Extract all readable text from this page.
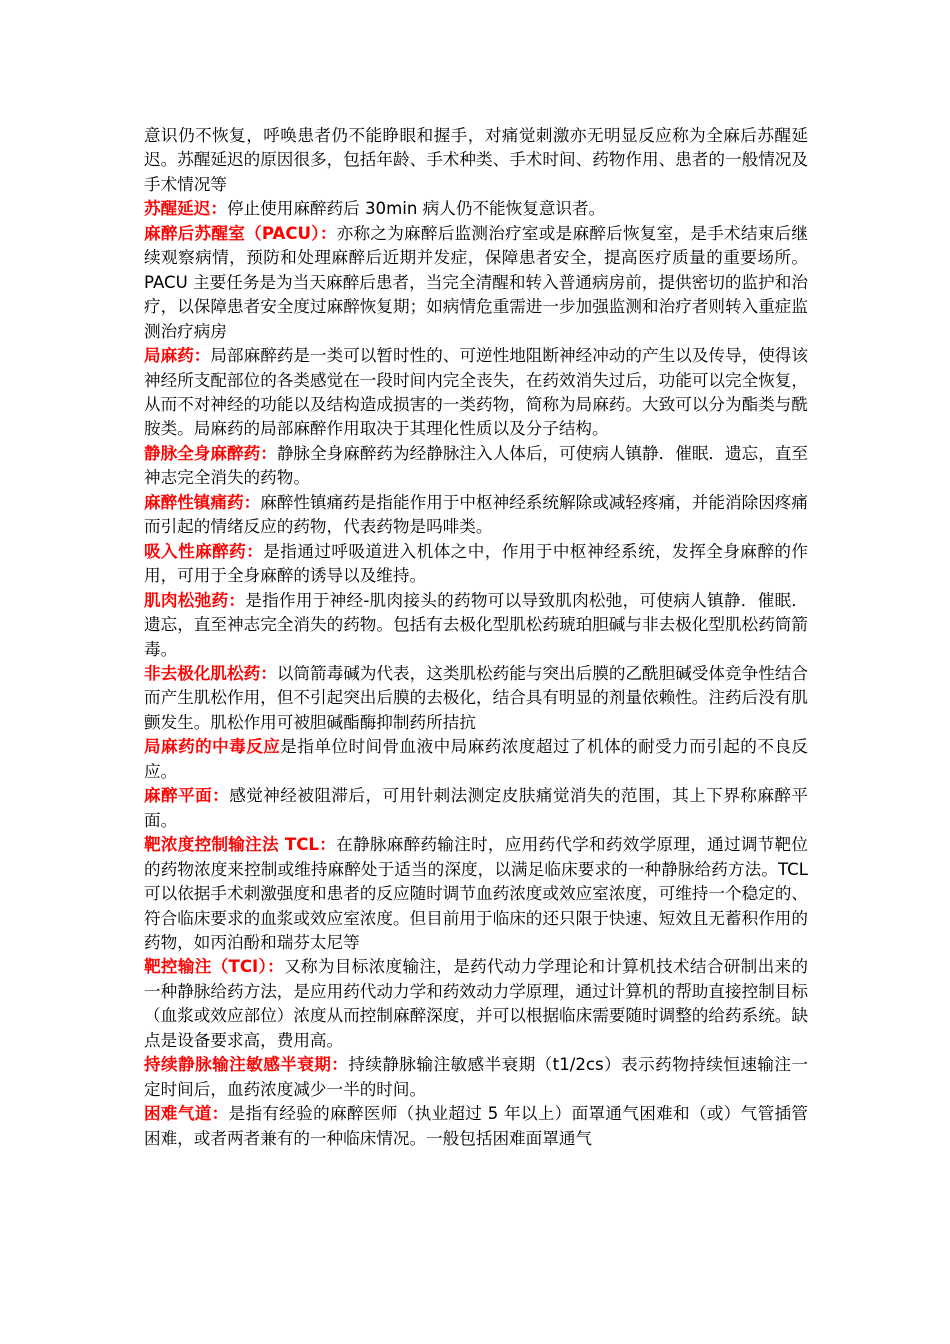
意识仍不恢复，呼唤患者仍不能睁眼和握手，对痛觉刺激亦无明显反应称为全麻后苏醒延迟。苏醒延迟的原因很多，包括年龄、手术种类、手术时间、药物作用、患者的一般情况及手术情况等

苏醒延迟：停止使用麻醉药后 30min 病人仍不能恢复意识者。

麻醉后苏醒室（PACU）：亦称之为麻醉后监测治疗室或是麻醉后恢复室，是手术结束后继续观察病情，预防和处理麻醉后近期并发症，保障患者安全，提高医疗质量的重要场所。PACU 主要任务是为当天麻醉后患者，当完全清醒和转入普通病房前，提供密切的监护和治疗，以保障患者安全度过麻醉恢复期；如病情危重需进一步加强监测和治疗者则转入重症监测治疗病房

局麻药：局部麻醉药是一类可以暂时性的、可逆性地阻断神经冲动的产生以及传导，使得该神经所支配部位的各类感觉在一段时间内完全丧失，在药效消失过后，功能可以完全恢复，从而不对神经的功能以及结构造成损害的一类药物，简称为局麻药。大致可以分为酯类与酰胺类。局麻药的局部麻醉作用取决于其理化性质以及分子结构。

静脉全身麻醉药：静脉全身麻醉药为经静脉注入人体后，可使病人镇静．催眠．遗忘，直至神志完全消失的药物。

麻醉性镇痛药：麻醉性镇痛药是指能作用于中枢神经系统解除或减轻疼痛，并能消除因疼痛而引起的情绪反应的药物，代表药物是吗啡类。

吸入性麻醉药：是指通过呼吸道进入机体之中，作用于中枢神经系统，发挥全身麻醉的作用，可用于全身麻醉的诱导以及维持。

肌肉松弛药：是指作用于神经-肌肉接头的药物可以导致肌肉松弛，可使病人镇静．催眠．遗忘，直至神志完全消失的药物。包括有去极化型肌松药琥珀胆碱与非去极化型肌松药筒箭毒。

非去极化肌松药：以筒箭毒碱为代表，这类肌松药能与突出后膜的乙酰胆碱受体竞争性结合而产生肌松作用，但不引起突出后膜的去极化，结合具有明显的剂量依赖性。注药后没有肌颤发生。肌松作用可被胆碱酯酶抑制药所拮抗

局麻药的中毒反应是指单位时间骨血液中局麻药浓度超过了机体的耐受力而引起的不良反应。

麻醉平面：感觉神经被阻滞后，可用针刺法测定皮肤痛觉消失的范围，其上下界称麻醉平面。

靶浓度控制输注法 TCL：在静脉麻醉药输注时，应用药代学和药效学原理，通过调节靶位的药物浓度来控制或维持麻醉处于适当的深度，以满足临床要求的一种静脉给药方法。TCL 可以依据手术刺激强度和患者的反应随时调节血药浓度或效应室浓度，可维持一个稳定的、符合临床要求的血浆或效应室浓度。但目前用于临床的还只限于快速、短效且无蓄积作用的药物，如丙泊酚和瑞芬太尼等

靶控输注（TCI）：又称为目标浓度输注，是药代动力学理论和计算机技术结合研制出来的一种静脉给药方法，是应用药代动力学和药效动力学原理，通过计算机的帮助直接控制目标（血浆或效应部位）浓度从而控制麻醉深度，并可以根据临床需要随时调整的给药系统。缺点是设备要求高，费用高。

持续静脉输注敏感半衰期：持续静脉输注敏感半衰期（t1/2cs）表示药物持续恒速输注一定时间后，血药浓度减少一半的时间。

困难气道：是指有经验的麻醉医师（执业超过 5 年以上）面罩通气困难和（或）气管插管困难，或者两者兼有的一种临床情况。一般包括困难面罩通气
